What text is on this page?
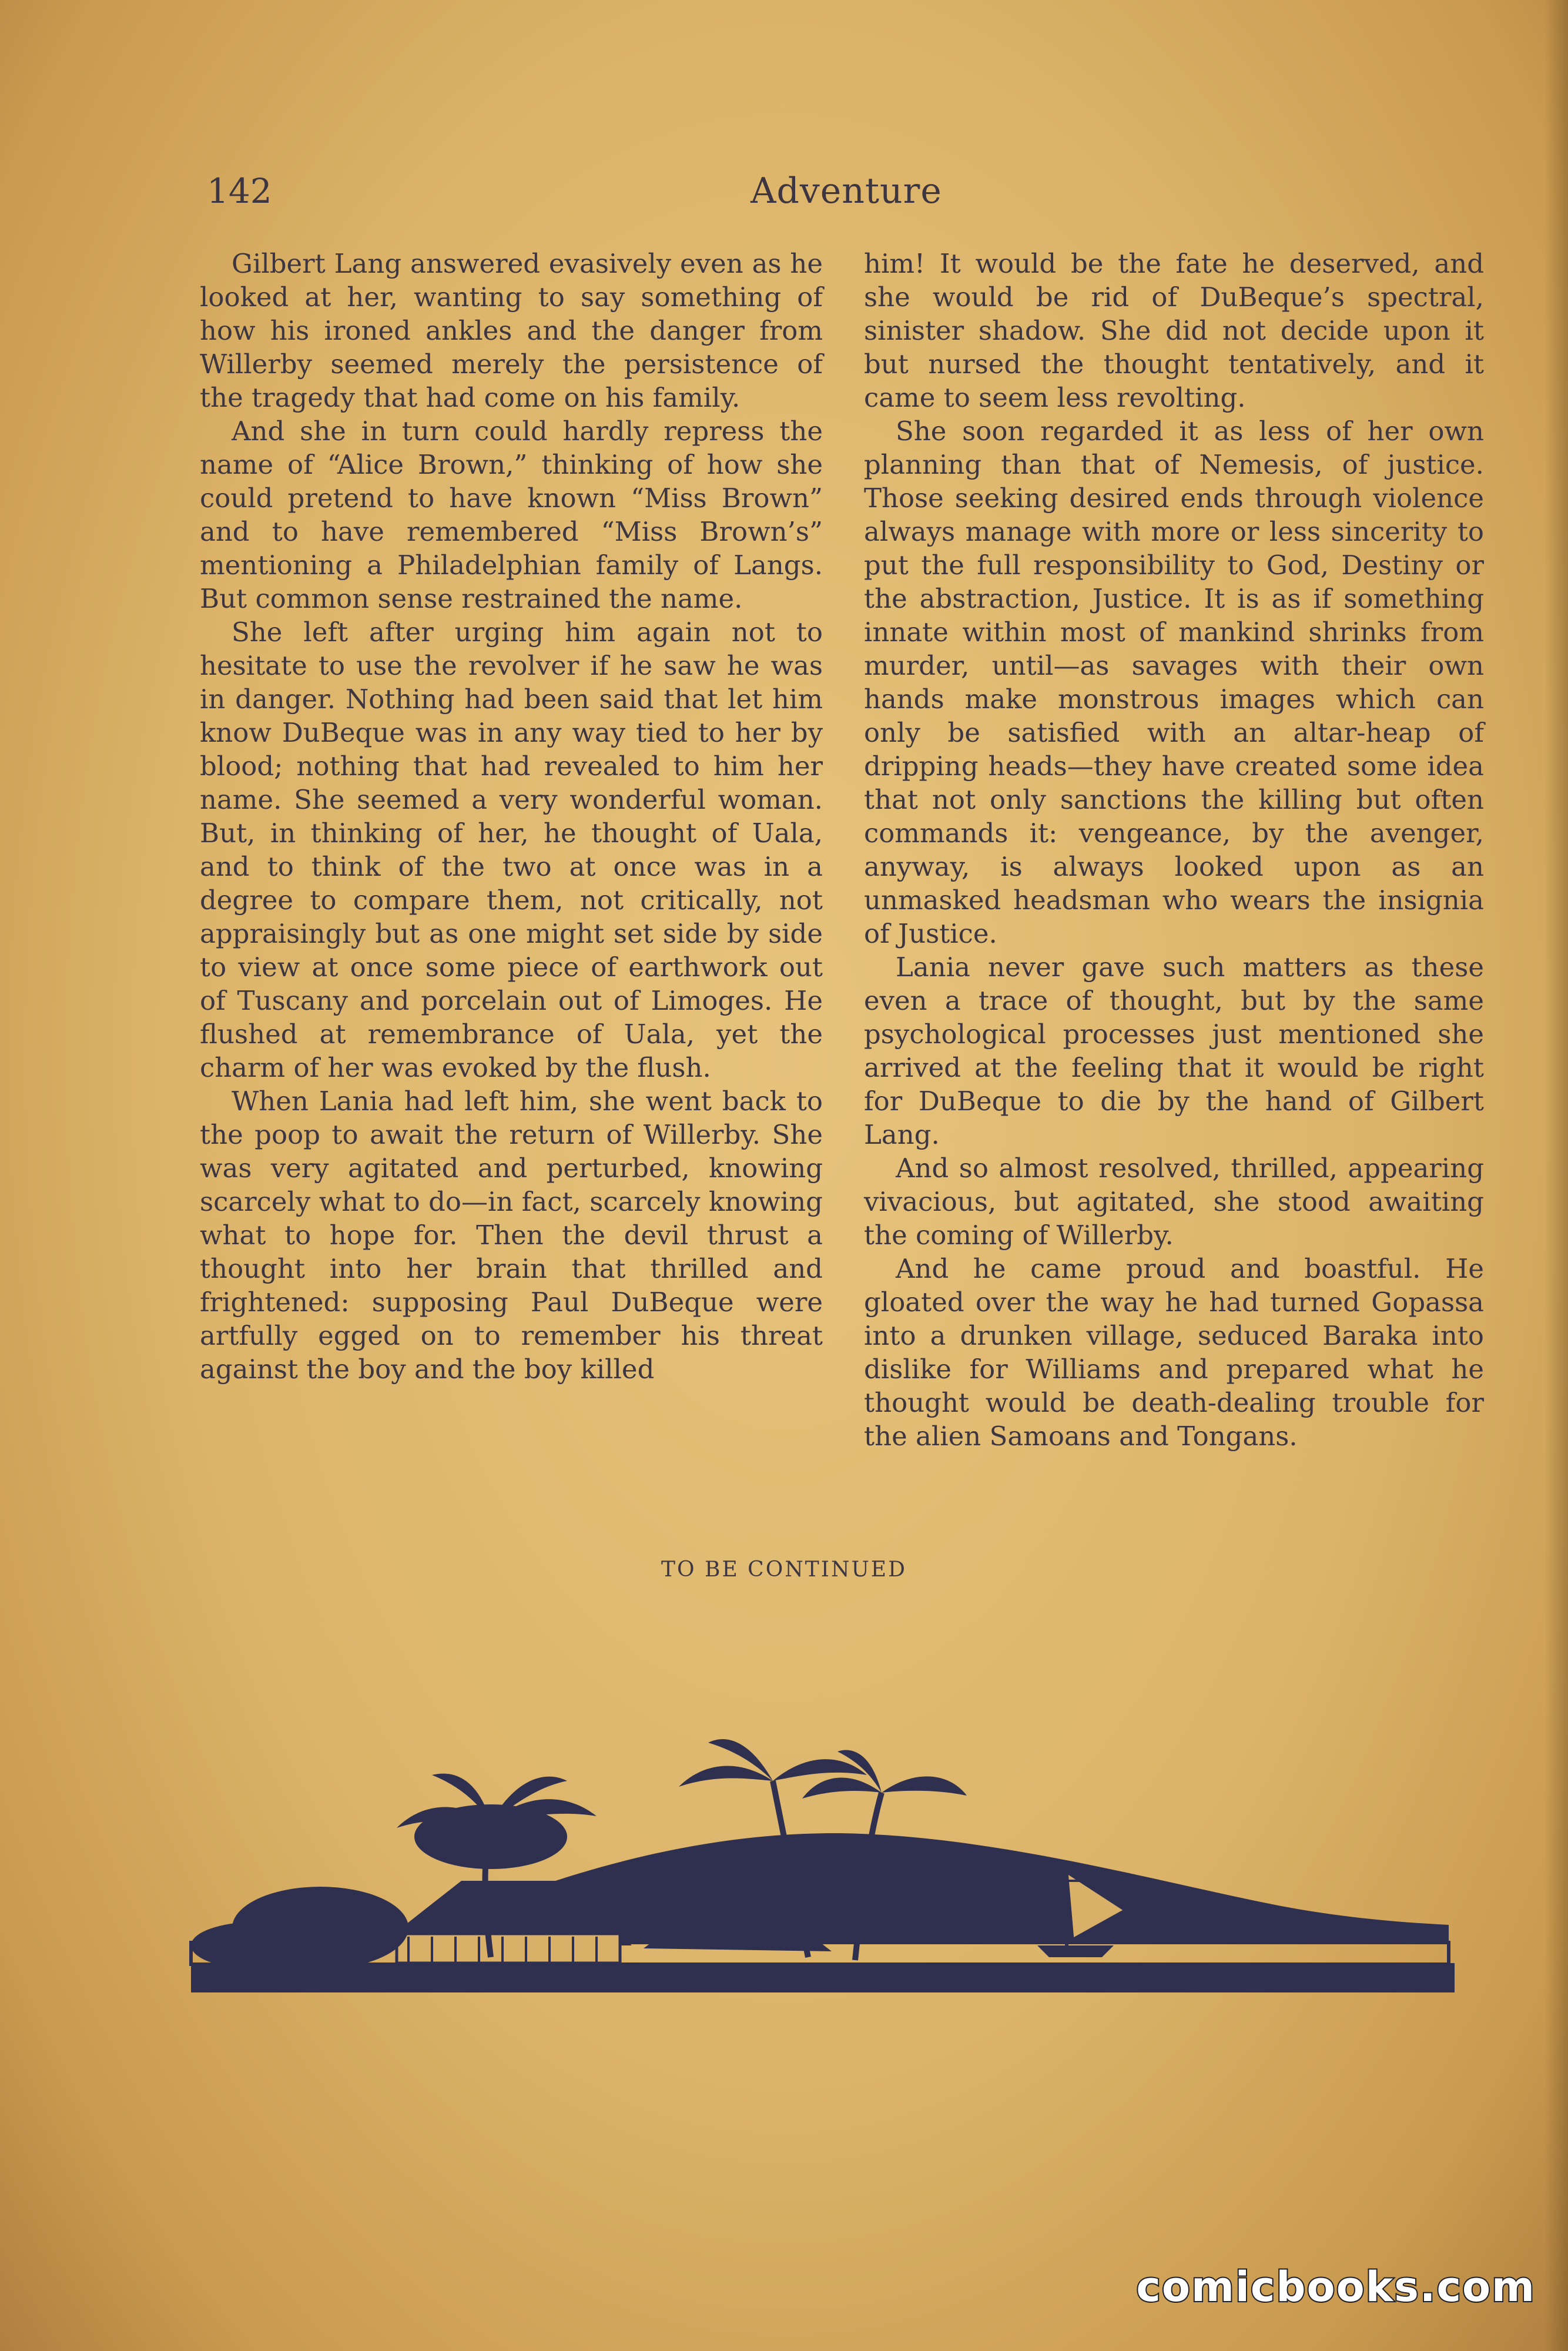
142	Adventure

Gilbert Lang answered evasively even as he looked at her, wanting to say something of how his ironed ankles and the danger from Willerby seemed merely the persistence of the tragedy that had come on his family.

And she in turn could hardly repress the name of “Alice Brown,” thinking of how she could pretend to have known “Miss Brown” and to have remembered “Miss Brown’s” mentioning a Philadelphian family of Langs. But common sense restrained the name.

She left after urging him again not to hesitate to use the revolver if he saw he was in danger. Nothing had been said that let him know DuBeque was in any way tied to her by blood; nothing that had revealed to him her name. She seemed a very wonderful woman. But, in thinking of her, he thought of Uala, and to think of the two at once was in a degree to compare them, not critically, not appraisingly but as one might set side by side to view at once some piece of earthwork out of Tuscany and porcelain out of Limoges. He flushed at remembrance of Uala, yet the charm of her was evoked by the flush.

When Lania had left him, she went back to the poop to await the return of Willerby. She was very agitated and perturbed, knowing scarcely what to do—in fact, scarcely knowing what to hope for. Then the devil thrust a thought into her brain that thrilled and frightened: supposing Paul DuBeque were artfully egged on to remember his threat against the boy and the boy killed

him! It would be the fate he deserved, and she would be rid of DuBeque’s spectral, sinister shadow. She did not decide upon it but nursed the thought tentatively, and it came to seem less revolting.

She soon regarded it as less of her own planning than that of Nemesis, of justice. Those seeking desired ends through violence always manage with more or less sincerity to put the full responsibility to God, Destiny or the abstraction, Justice. It is as if something innate within most of mankind shrinks from murder, until—as savages with their own hands make monstrous images which can only be satisfied with an altar-heap of dripping heads—they have created some idea that not only sanctions the killing but often commands it: vengeance, by the avenger, anyway, is always looked upon as an unmasked headsman who wears the insignia of Justice.

Lania never gave such matters as these even a trace of thought, but by the same psychological processes just mentioned she arrived at the feeling that it would be right for DuBeque to die by the hand of Gilbert Lang.

And so almost resolved, thrilled, appearing vivacious, but agitated, she stood awaiting the coming of Willerby.

And he came proud and boastful. He gloated over the way he had turned Gopassa into a drunken village, seduced Baraka into dislike for Williams and prepared what he thought would be death-dealing trouble for the alien Samoans and Tongans.

TO BE CONTINUED
comicbooks.com
